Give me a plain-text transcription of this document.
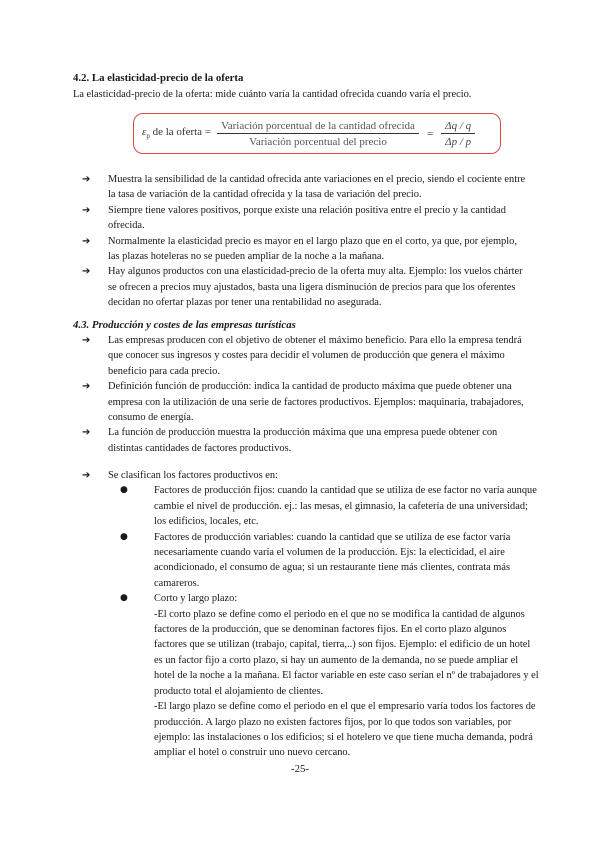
4.2. La elasticidad-precio de la oferta
La elasticidad-precio de la oferta: mide cuánto varía la cantidad ofrecida cuando varía el precio.
$\varepsilon_p$ de la oferta = $\frac{\text{Variación porcentual de la cantidad ofrecida}}{\text{Variación porcentual del precio}} = \frac{\Delta q / q}{\Delta p / p}$
➔ Muestra la sensibilidad de la cantidad ofrecida ante variaciones en el precio, siendo el cociente entre la tasa de variación de la cantidad ofrecida y la tasa de variación del precio.
➔ Siempre tiene valores positivos, porque existe una relación positiva entre el precio y la cantidad ofrecida.
➔ Normalmente la elasticidad precio es mayor en el largo plazo que en el corto, ya que, por ejemplo, las plazas hoteleras no se pueden ampliar de la noche a la mañana.
➔ Hay algunos productos con una elasticidad-precio de la oferta muy alta. Ejemplo: los vuelos chárter se ofrecen a precios muy ajustados, basta una ligera disminución de precios para que los oferentes decidan no ofertar plazas por tener una rentabilidad no asegurada.
4.3. Producción y costes de las empresas turísticas
➔ Las empresas producen con el objetivo de obtener el máximo beneficio. Para ello la empresa tendrá que conocer sus ingresos y costes para decidir el volumen de producción que genera el máximo beneficio para cada precio.
➔ Definición función de producción: indica la cantidad de producto máxima que puede obtener una empresa con la utilización de una serie de factores productivos. Ejemplos: maquinaria, trabajadores, consumo de energía.
➔ La función de producción muestra la producción máxima que una empresa puede obtener con distintas cantidades de factores productivos.
➔ Se clasifican los factores productivos en:
●	Factores de producción fijos: cuando la cantidad que se utiliza de ese factor no varía aunque cambie el nivel de producción. ej.: las mesas, el gimnasio, la cafetería de una universidad; los edificios, locales, etc.
●	Factores de producción variables: cuando la cantidad que se utiliza de ese factor varía necesariamente cuando varía el volumen de la producción. Ejs: la electicidad, el aire acondicionado, el consumo de agua; si un restaurante tiene más clientes, contrata más camareros.
●	Corto y largo plazo:

-El corto plazo se define como el periodo en el que no se modifica la cantidad de algunos factores de la producción, que se denominan factores fijos. En el corto plazo algunos factores que se utilizan (trabajo, capital, tierra,..) son fijos. Ejemplo: el edificio de un hotel es un factor fijo a corto plazo, si hay un aumento de la demanda, no se puede ampliar el hotel de la noche a la mañana. El factor variable en este caso serían el nº de trabajadores y el producto total el alojamiento de clientes.

-El largo plazo se define como el periodo en el que el empresario varía todos los factores de producción. A largo plazo no existen factores fijos, por lo que todos son variables, por ejemplo: las instalaciones o los edificios; si el hotelero ve que tiene mucha demanda, podrá ampliar el hotel o construir uno nuevo cercano.

-25-
